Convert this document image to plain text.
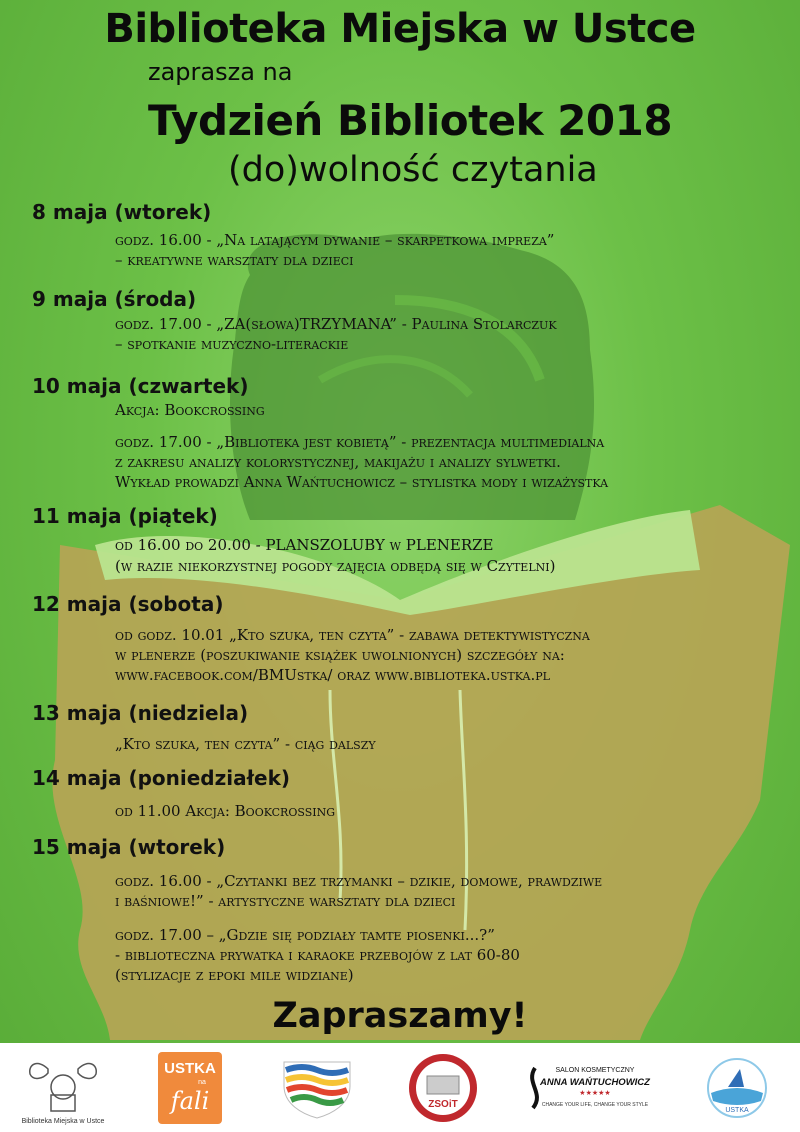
Biblioteka Miejska w Ustce
zaprasza na
Tydzień Bibliotek 2018
(do)wolność czytania
8 maja (wtorek)
godz. 16.00 - „Na latającym dywanie – skarpetkowa impreza”
– kreatywne warsztaty dla dzieci
9 maja (środa)
godz. 17.00 - „ZA(słowa)TRZYMANA” - Paulina Stolarczuk
– spotkanie muzyczno-literackie
10 maja (czwartek)
Akcja: Bookcrossing
godz. 17.00 - „Biblioteka jest kobietą” - prezentacja multimedialna
z zakresu analizy kolorystycznej, makijażu i analizy sylwetki.
Wykład prowadzi Anna Wańtuchowicz – stylistka mody i wizażystka
11 maja (piątek)
od 16.00 do 20.00 - PLANSZOLUBY w PLENERZE
(w razie niekorzystnej pogody zajęcia odbędą się w Czytelni)
12 maja (sobota)
od godz. 10.01 „Kto szuka, ten czyta” - zabawa detektywistyczna
w plenerze (poszukiwanie książek uwolnionych) szczegóły na:
www.facebook.com/BMUstka/ oraz www.biblioteka.ustka.pl
13 maja (niedziela)
„Kto szuka, ten czyta” - ciąg dalszy
14 maja (poniedziałek)
od 11.00 Akcja: Bookcrossing
15 maja (wtorek)
godz. 16.00 - „Czytanki bez trzymanki – dzikie, domowe, prawdziwe
i baśniowe!” - artystyczne warsztaty dla dzieci
godz. 17.00 – „Gdzie się podziały tamte piosenki...?”
- biblioteczna prywatka i karaoke przebojów z lat 60-80
(stylizacje z epoki mile widziane)
Zapraszamy!
Biblioteka Miejska w Ustce
USTKA
na
fali	ZSOiT
SALON KOSMETYCZNY
ANNA WAŃTUCHOWICZ
★★★★★
CHANGE YOUR LIFE, CHANGE YOUR STYLE
USTKA
